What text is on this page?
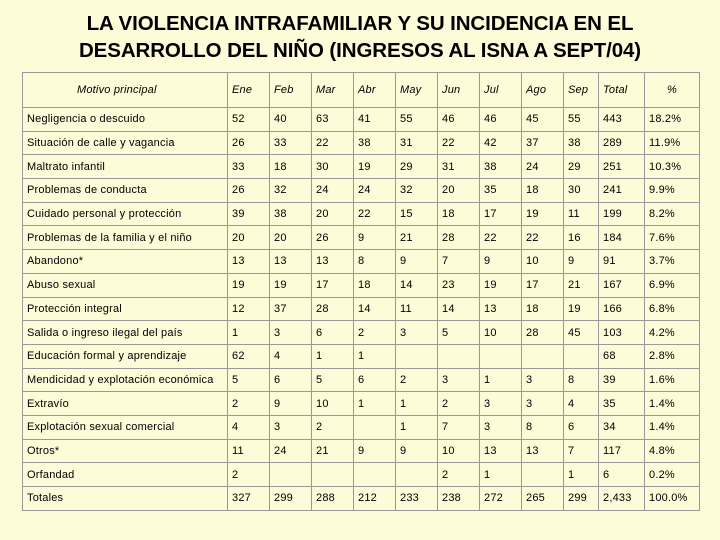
LA VIOLENCIA INTRAFAMILIAR Y SU INCIDENCIA EN EL
DESARROLLO DEL NIÑO (INGRESOS AL ISNA A SEPT/04)
Motivo principal	Ene	Feb	Mar	Abr	May	Jun	Jul	Ago	Sep	Total	%
Negligencia o descuido	52	40	63	41	55	46	46	45	55	443	18.2%
Situación de calle y vagancia	26	33	22	38	31	22	42	37	38	289	11.9%
Maltrato infantil	33	18	30	19	29	31	38	24	29	251	10.3%
Problemas de conducta	26	32	24	24	32	20	35	18	30	241	9.9%
Cuidado personal y protección	39	38	20	22	15	18	17	19	11	199	8.2%
Problemas de la familia y el niño	20	20	26	9	21	28	22	22	16	184	7.6%
Abandono*	13	13	13	8	9	7	9	10	9	91	3.7%
Abuso sexual	19	19	17	18	14	23	19	17	21	167	6.9%
Protección integral	12	37	28	14	11	14	13	18	19	166	6.8%
Salida o ingreso ilegal del país	1	3	6	2	3	5	10	28	45	103	4.2%
Educación formal y aprendizaje	62	4	1	1						68	2.8%
Mendicidad y explotación económica	5	6	5	6	2	3	1	3	8	39	1.6%
Extravío	2	9	10	1	1	2	3	3	4	35	1.4%
Explotación sexual comercial	4	3	2		1	7	3	8	6	34	1.4%
Otros*	11	24	21	9	9	10	13	13	7	117	4.8%
Orfandad	2					2	1		1	6	0.2%
Totales	327	299	288	212	233	238	272	265	299	2,433	100.0%
